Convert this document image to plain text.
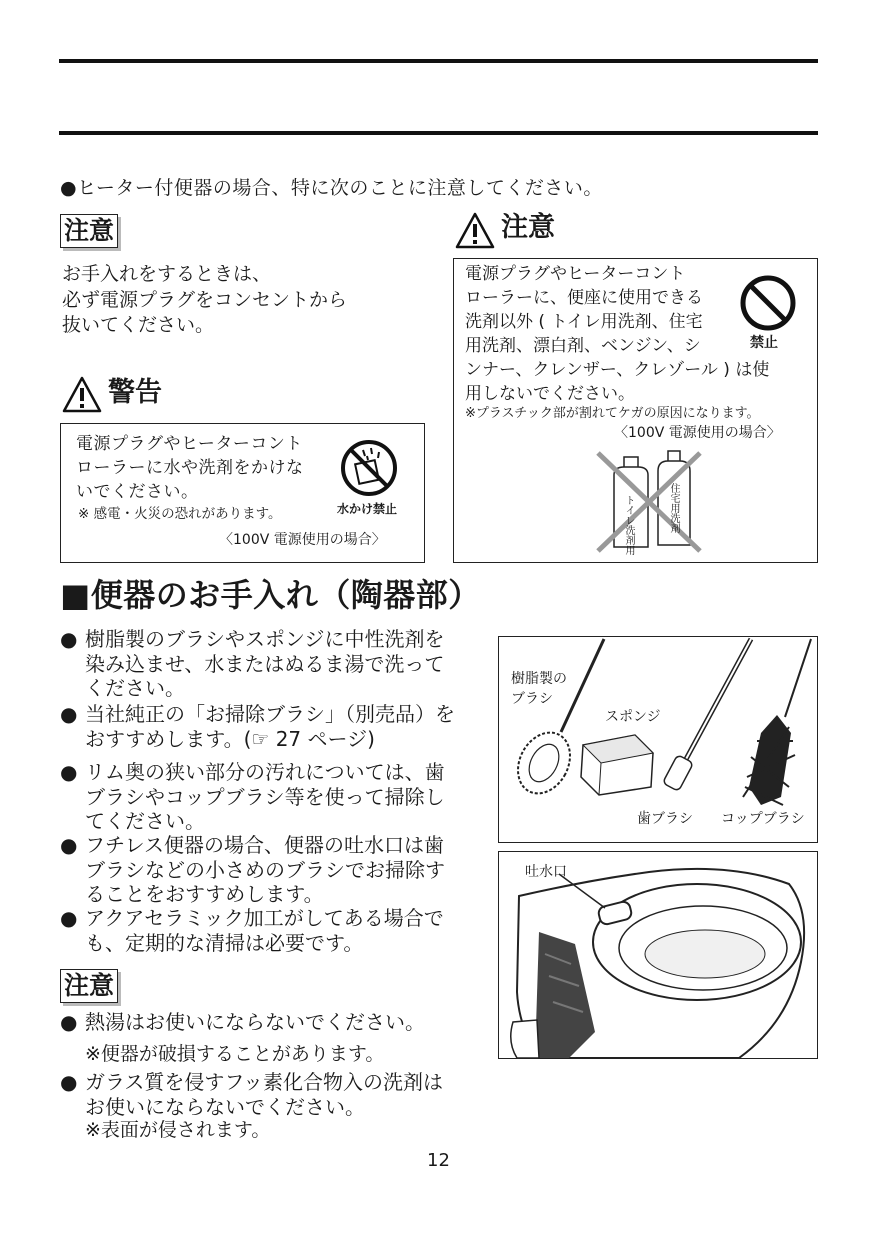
●ヒーター付便器の場合、特に次のことに注意してください。
注意
お手入れをするときは、
必ず電源プラグをコンセントから
抜いてください。
警告
電源プラグやヒーターコント
ローラーに水や洗剤をかけな
いでください。
※ 感電・火災の恐れがあります。
〈100V 電源使用の場合〉
水かけ禁止
注意
電源プラグやヒーターコント
ローラーに、便座に使用できる
洗剤以外 ( トイレ用洗剤、住宅
用洗剤、漂白剤、ベンジン、シ
ンナー、クレンザー、クレゾール ) は使
用しないでください。
※プラスチック部が割れてケガの原因になります。
〈100V 電源使用の場合〉
禁止
トイレ洗剤用	住宅用洗剤
■便器のお手入れ（陶器部）
● 樹脂製のブラシやスポンジに中性洗剤を
染み込ませ、水またはぬるま湯で洗って
ください。
● 当社純正の「お掃除ブラシ」（別売品）を
おすすめします。(☞ 27 ページ)
● リム奥の狭い部分の汚れについては、歯
ブラシやコップブラシ等を使って掃除し
てください。
● フチレス便器の場合、便器の吐水口は歯
ブラシなどの小さめのブラシでお掃除す
ることをおすすめします。
● アクアセラミック加工がしてある場合で
も、定期的な清掃は必要です。
注意
● 熱湯はお使いにならないでください。
※便器が破損することがあります。
● ガラス質を侵すフッ素化合物入の洗剤は
お使いにならないでください。
※表面が侵されます。
樹脂製の
ブラシ
スポンジ
歯ブラシ コップブラシ
吐水口
12
